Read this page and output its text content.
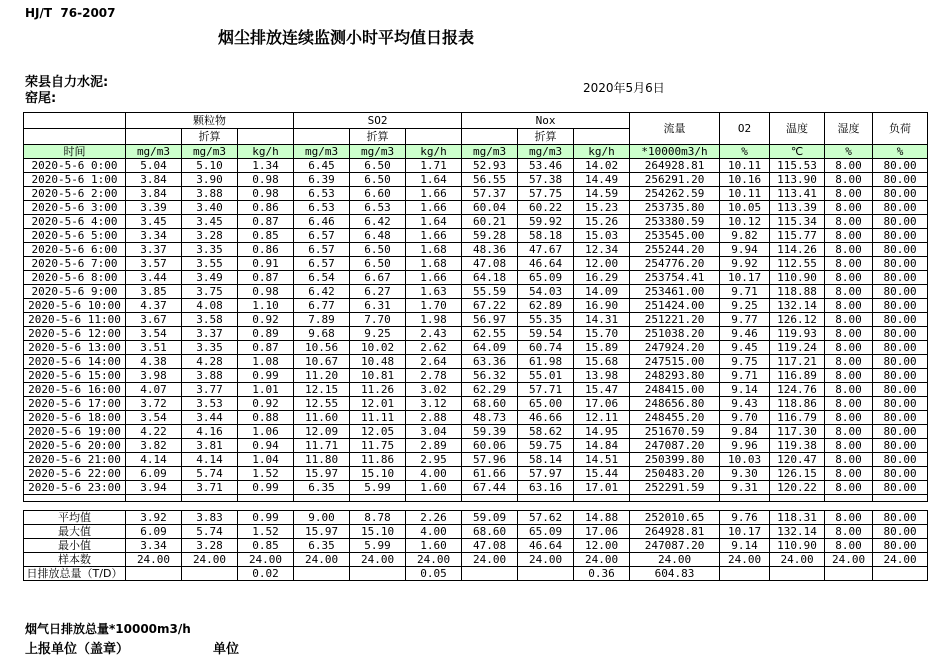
HJ/T  76-2007
烟尘排放连续监测小时平均值日报表
荣县自力水泥:
窑尾:
2020年5月6日
	颗粒物			SO2			Nox			流量	O2	温度	湿度	负荷
		折算			折算			折算						
时间	mg/m3	mg/m3	kg/h	mg/m3	mg/m3	kg/h	mg/m3	mg/m3	kg/h	*10000m3/h	%	℃	%	%
2020-5-6 0:00	5.04	5.10	1.34	6.45	6.50	1.71	52.93	53.46	14.02	264928.81	10.11	115.53	8.00	80.00
2020-5-6 1:00	3.84	3.90	0.98	6.39	6.50	1.64	56.55	57.38	14.49	256291.20	10.16	113.90	8.00	80.00
2020-5-6 2:00	3.84	3.88	0.98	6.53	6.60	1.66	57.37	57.75	14.59	254262.59	10.11	113.41	8.00	80.00
2020-5-6 3:00	3.39	3.40	0.86	6.53	6.53	1.66	60.04	60.22	15.23	253735.80	10.05	113.39	8.00	80.00
2020-5-6 4:00	3.45	3.45	0.87	6.46	6.42	1.64	60.21	59.92	15.26	253380.59	10.12	115.34	8.00	80.00
2020-5-6 5:00	3.34	3.28	0.85	6.57	6.48	1.66	59.28	58.18	15.03	253545.00	9.82	115.77	8.00	80.00
2020-5-6 6:00	3.37	3.35	0.86	6.57	6.50	1.68	48.36	47.67	12.34	255244.20	9.94	114.26	8.00	80.00
2020-5-6 7:00	3.57	3.55	0.91	6.57	6.50	1.68	47.08	46.64	12.00	254776.20	9.92	112.55	8.00	80.00
2020-5-6 8:00	3.44	3.49	0.87	6.54	6.67	1.66	64.18	65.09	16.29	253754.41	10.17	110.90	8.00	80.00
2020-5-6 9:00	3.85	3.75	0.98	6.42	6.27	1.63	55.59	54.03	14.09	253461.00	9.71	118.88	8.00	80.00
2020-5-6 10:00	4.37	4.08	1.10	6.77	6.31	1.70	67.22	62.89	16.90	251424.00	9.25	132.14	8.00	80.00
2020-5-6 11:00	3.67	3.58	0.92	7.89	7.70	1.98	56.97	55.35	14.31	251221.20	9.77	126.12	8.00	80.00
2020-5-6 12:00	3.54	3.37	0.89	9.68	9.25	2.43	62.55	59.54	15.70	251038.20	9.46	119.93	8.00	80.00
2020-5-6 13:00	3.51	3.35	0.87	10.56	10.02	2.62	64.09	60.74	15.89	247924.20	9.45	119.24	8.00	80.00
2020-5-6 14:00	4.38	4.28	1.08	10.67	10.48	2.64	63.36	61.98	15.68	247515.00	9.75	117.21	8.00	80.00
2020-5-6 15:00	3.98	3.88	0.99	11.20	10.81	2.78	56.32	55.01	13.98	248293.80	9.71	116.89	8.00	80.00
2020-5-6 16:00	4.07	3.77	1.01	12.15	11.26	3.02	62.29	57.71	15.47	248415.00	9.14	124.76	8.00	80.00
2020-5-6 17:00	3.72	3.53	0.92	12.55	12.01	3.12	68.60	65.00	17.06	248656.80	9.43	118.86	8.00	80.00
2020-5-6 18:00	3.54	3.44	0.88	11.60	11.11	2.88	48.73	46.66	12.11	248455.20	9.70	116.79	8.00	80.00
2020-5-6 19:00	4.22	4.16	1.06	12.09	12.05	3.04	59.39	58.62	14.95	251670.59	9.84	117.30	8.00	80.00
2020-5-6 20:00	3.82	3.81	0.94	11.71	11.75	2.89	60.06	59.75	14.84	247087.20	9.96	119.38	8.00	80.00
2020-5-6 21:00	4.14	4.14	1.04	11.80	11.86	2.95	57.96	58.14	14.51	250399.80	10.03	120.47	8.00	80.00
2020-5-6 22:00	6.09	5.74	1.52	15.97	15.10	4.00	61.66	57.97	15.44	250483.20	9.30	126.15	8.00	80.00
2020-5-6 23:00	3.94	3.71	0.99	6.35	5.99	1.60	67.44	63.16	17.01	252291.59	9.31	120.22	8.00	80.00

平均值	3.92	3.83	0.99	9.00	8.78	2.26	59.09	57.62	14.88	252010.65	9.76	118.31	8.00	80.00
最大值	6.09	5.74	1.52	15.97	15.10	4.00	68.60	65.09	17.06	264928.81	10.17	132.14	8.00	80.00
最小值	3.34	3.28	0.85	6.35	5.99	1.60	47.08	46.64	12.00	247087.20	9.14	110.90	8.00	80.00
样本数	24.00	24.00	24.00	24.00	24.00	24.00	24.00	24.00	24.00	24.00	24.00	24.00	24.00	24.00
日排放总量（T/D）			0.02			0.05			0.36	604.83				
烟气日排放总量*10000m3/h
上报单位（盖章）	单位
